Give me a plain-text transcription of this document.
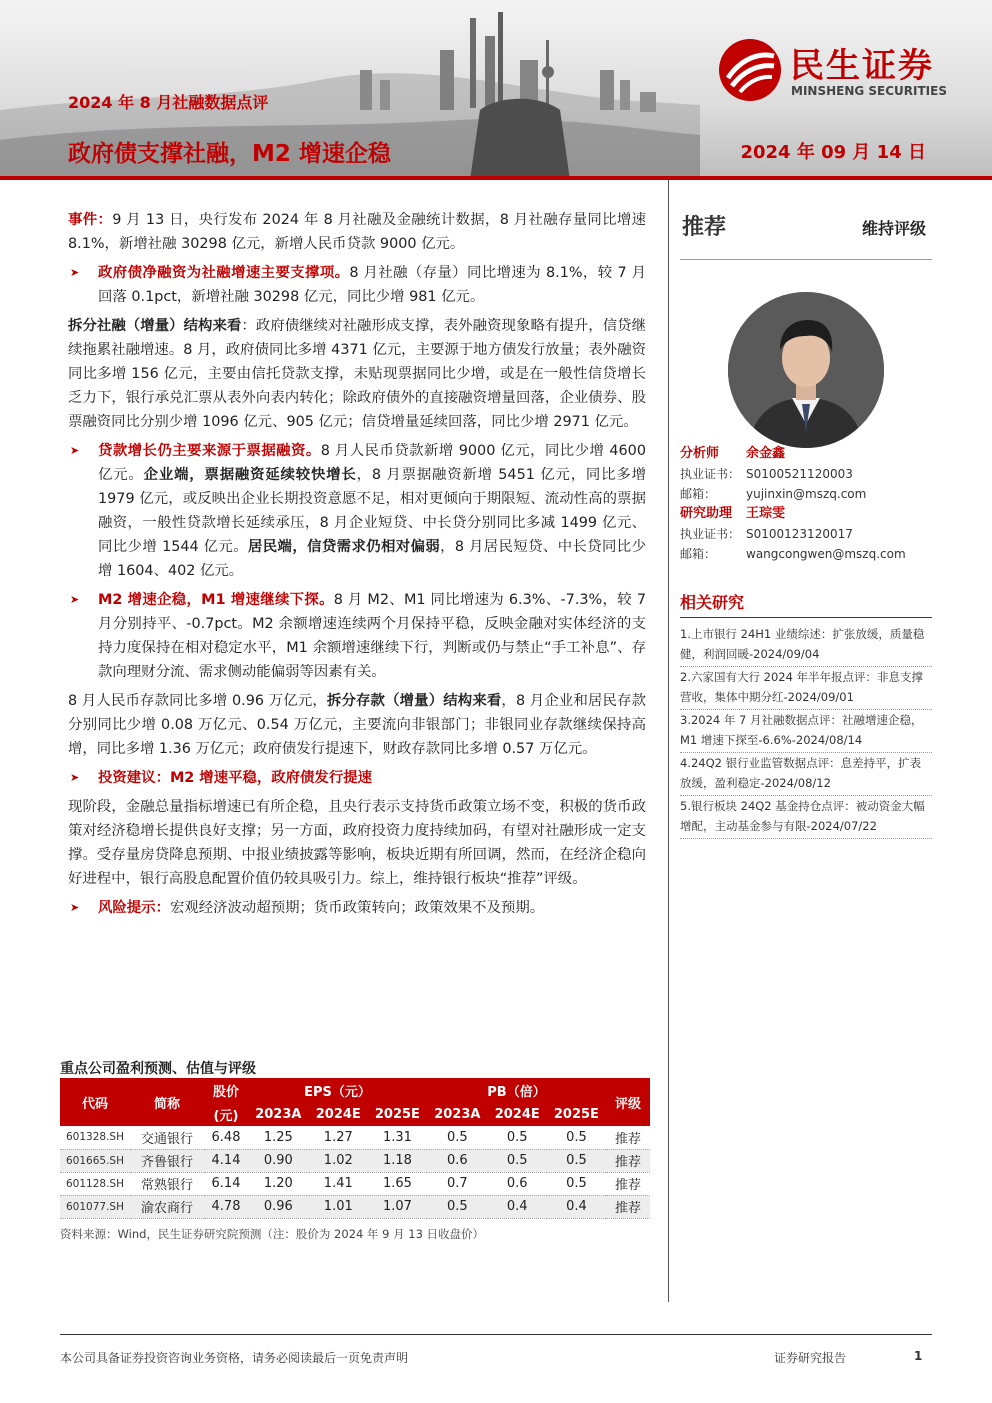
2024 年 8 月社融数据点评
政府债支撑社融，M2 增速企稳	2024 年 09 月 14 日
民生证券
MINSHENG SECURITIES

事件：9 月 13 日，央行发布 2024 年 8 月社融及金融统计数据，8 月社融存量同比增速 8.1%，新增社融 30298 亿元，新增人民币贷款 9000 亿元。

➤	政府债净融资为社融增速主要支撑项。8 月社融（存量）同比增速为 8.1%，较 7 月回落 0.1pct，新增社融 30298 亿元，同比少增 981 亿元。

拆分社融（增量）结构来看：政府债继续对社融形成支撑，表外融资现象略有提升，信贷继续拖累社融增速。8 月，政府债同比多增 4371 亿元，主要源于地方债发行放量；表外融资同比多增 156 亿元，主要由信托贷款支撑，未贴现票据同比少增，或是在一般性信贷增长乏力下，银行承兑汇票从表外向表内转化；除政府债外的直接融资增量回落，企业债券、股票融资同比分别少增 1096 亿元、905 亿元；信贷增量延续回落，同比少增 2971 亿元。

➤	贷款增长仍主要来源于票据融资。8 月人民币贷款新增 9000 亿元，同比少增 4600 亿元。企业端，票据融资延续较快增长，8 月票据融资新增 5451 亿元，同比多增 1979 亿元，或反映出企业长期投资意愿不足，相对更倾向于期限短、流动性高的票据融资，一般性贷款增长延续承压，8 月企业短贷、中长贷分别同比多减 1499 亿元、同比少增 1544 亿元。居民端，信贷需求仍相对偏弱，8 月居民短贷、中长贷同比少增 1604、402 亿元。
➤	M2 增速企稳，M1 增速继续下探。8 月 M2、M1 同比增速为 6.3%、-7.3%，较 7 月分别持平、-0.7pct。M2 余额增速连续两个月保持平稳，反映金融对实体经济的支持力度保持在相对稳定水平，M1 余额增速继续下行，判断或仍与禁止“手工补息”、存款向理财分流、需求侧动能偏弱等因素有关。

8 月人民币存款同比多增 0.96 万亿元，拆分存款（增量）结构来看，8 月企业和居民存款分别同比少增 0.08 万亿元、0.54 万亿元，主要流向非银部门；非银同业存款继续保持高增，同比多增 1.36 万亿元；政府债发行提速下，财政存款同比多增 0.57 万亿元。

➤	投资建议：M2 增速平稳，政府债发行提速

现阶段，金融总量指标增速已有所企稳，且央行表示支持货币政策立场不变，积极的货币政策对经济稳增长提供良好支撑；另一方面，政府投资力度持续加码，有望对社融形成一定支撑。受存量房贷降息预期、中报业绩披露等影响，板块近期有所回调，然而，在经济企稳向好进程中，银行高股息配置价值仍较具吸引力。综上，维持银行板块“推荐”评级。

➤	风险提示：宏观经济波动超预期；货币政策转向；政策效果不及预期。
重点公司盈利预测、估值与评级
代码	简称	股价	EPS（元）			PB（倍）			评级
		(元)	2023A	2024E	2025E	2023A	2024E	2025E	
601328.SH	交通银行	6.48	1.25	1.27	1.31	0.5	0.5	0.5	推荐
601665.SH	齐鲁银行	4.14	0.90	1.02	1.18	0.6	0.5	0.5	推荐
601128.SH	常熟银行	6.14	1.20	1.41	1.65	0.7	0.6	0.5	推荐
601077.SH	渝农商行	4.78	0.96	1.01	1.07	0.5	0.4	0.4	推荐
资料来源：Wind，民生证券研究院预测（注：股价为 2024 年 9 月 13 日收盘价）
推荐	维持评级
分析师	余金鑫
执业证书： S0100521120003
邮箱：	yujinxin@mszq.com
研究助理	王琮雯
执业证书： S0100123120017
邮箱：	wangcongwen@mszq.com
相关研究
1.上市银行 24H1 业绩综述：扩张放缓，质量稳健，利润回暖-2024/09/04
2.六家国有大行 2024 年半年报点评：非息支撑营收，集体中期分红-2024/09/01
3.2024 年 7 月社融数据点评：社融增速企稳，M1 增速下探至-6.6%-2024/08/14
4.24Q2 银行业监管数据点评：息差持平，扩表放缓，盈利稳定-2024/08/12
5.银行板块 24Q2 基金持仓点评：被动资金大幅增配，主动基金参与有限-2024/07/22
本公司具备证券投资咨询业务资格，请务必阅读最后一页免责声明	证券研究报告	1
